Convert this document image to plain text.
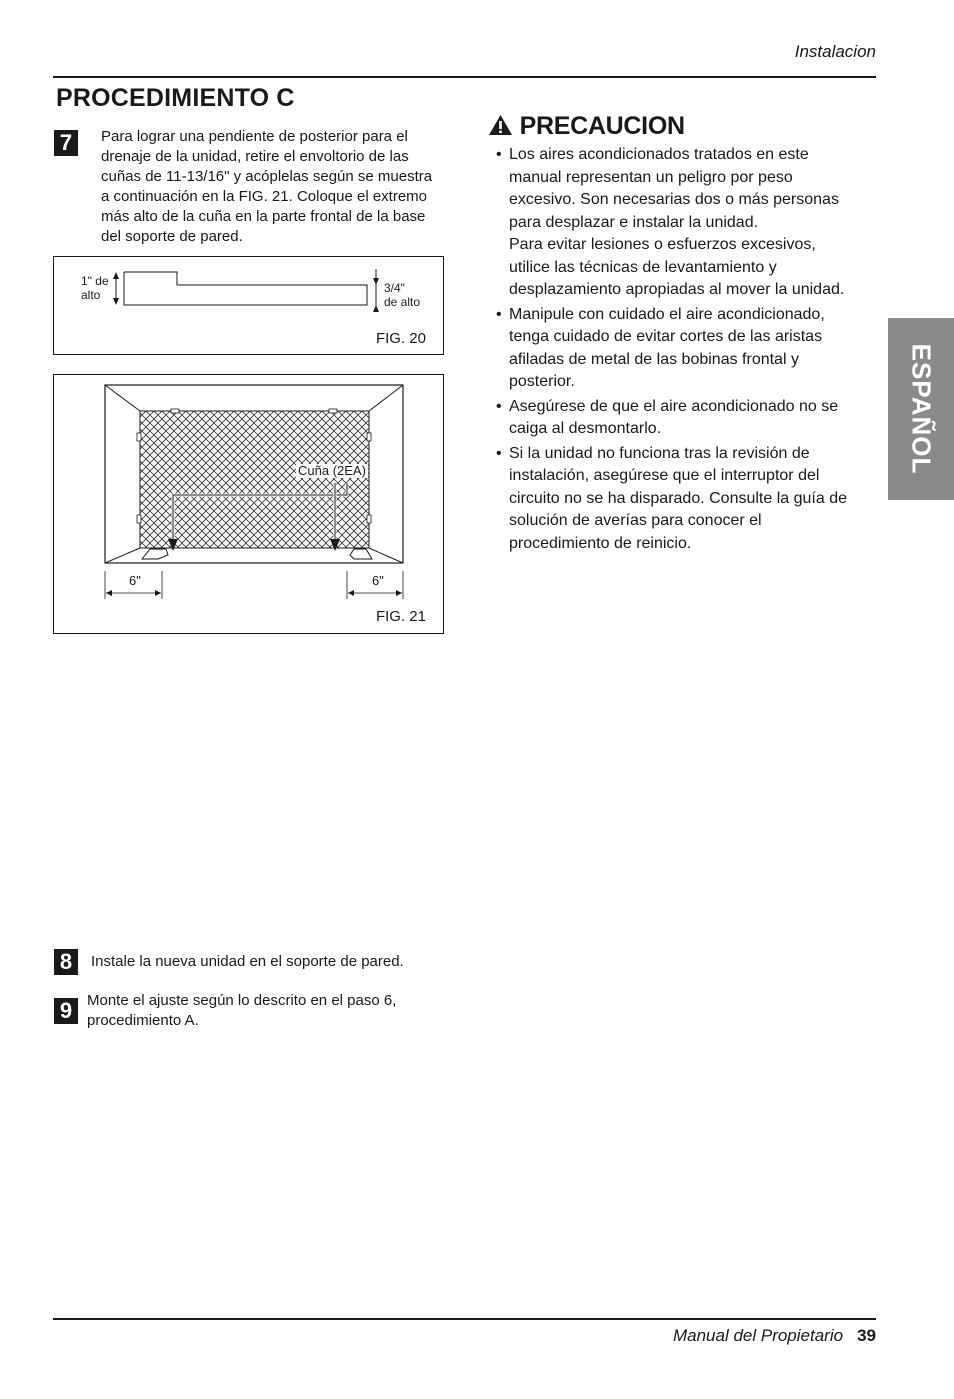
Instalacion
PROCEDIMIENTO C
7	Para lograr una pendiente de posterior para el drenaje de la unidad, retire el envoltorio de las cuñas de 11-13/16" y acóplelas según se muestra a continuación en la FIG. 21. Coloque el extremo más alto de la cuña en la parte frontal de la base del soporte de pared.
1" de
alto	3/4"
de alto
FIG. 20
Cuña (2EA)
6"	6"
FIG. 21
PRECAUCION
• Los aires acondicionados tratados en este manual representan un peligro por peso excesivo. Son necesarias dos o más personas para desplazar e instalar la unidad.
Para evitar lesiones o esfuerzos excesivos, utilice las técnicas de levantamiento y desplazamiento apropiadas al mover la unidad.
• Manipule con cuidado el aire acondicionado, tenga cuidado de evitar cortes de las aristas afiladas de metal de las bobinas frontal y posterior.
• Asegúrese de que el aire acondicionado no se caiga al desmontarlo.
• Si la unidad no funciona tras la revisión de instalación, asegúrese que el interruptor del circuito no se ha disparado. Consulte la guía de solución de averías para conocer el procedimiento de reinicio.
ESPAÑOL
8	Instale la nueva unidad en el soporte de pared.
9 Monte el ajuste según lo descrito en el paso 6, procedimiento A.
Manual del Propietario 39
